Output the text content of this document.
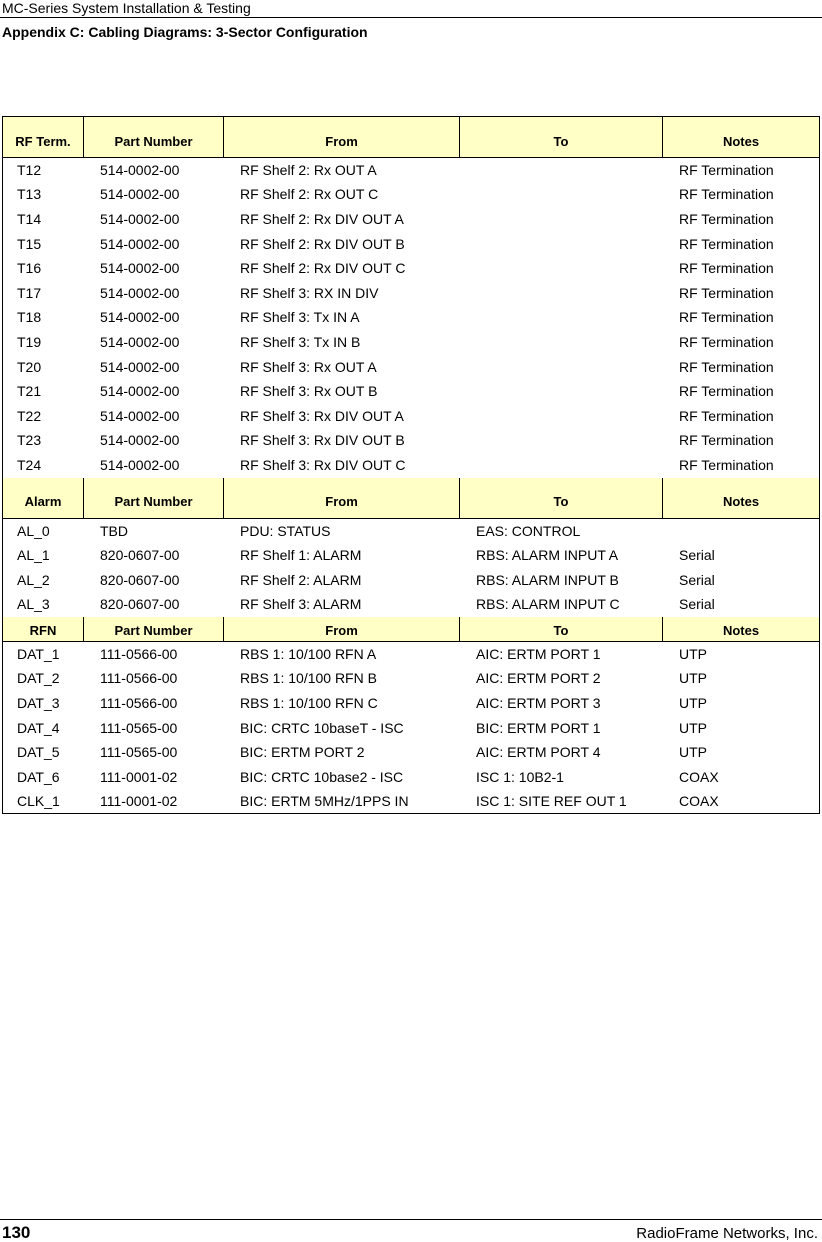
MC-Series System Installation & Testing
Appendix C: Cabling Diagrams: 3-Sector Configuration
RF Term.	Part Number	From	To	Notes
T12	514-0002-00	RF Shelf 2: Rx OUT A		RF Termination
T13	514-0002-00	RF Shelf 2: Rx OUT C		RF Termination
T14	514-0002-00	RF Shelf 2: Rx DIV OUT A		RF Termination
T15	514-0002-00	RF Shelf 2: Rx DIV OUT B		RF Termination
T16	514-0002-00	RF Shelf 2: Rx DIV OUT C		RF Termination
T17	514-0002-00	RF Shelf 3: RX IN DIV		RF Termination
T18	514-0002-00	RF Shelf 3: Tx IN A		RF Termination
T19	514-0002-00	RF Shelf 3: Tx IN B		RF Termination
T20	514-0002-00	RF Shelf 3: Rx OUT A		RF Termination
T21	514-0002-00	RF Shelf 3: Rx OUT B		RF Termination
T22	514-0002-00	RF Shelf 3: Rx DIV OUT A		RF Termination
T23	514-0002-00	RF Shelf 3: Rx DIV OUT B		RF Termination
T24	514-0002-00	RF Shelf 3: Rx DIV OUT C		RF Termination
Alarm	Part Number	From	To	Notes
AL_0	TBD	PDU: STATUS	EAS: CONTROL	
AL_1	820-0607-00	RF Shelf 1: ALARM	RBS: ALARM INPUT A	Serial
AL_2	820-0607-00	RF Shelf 2: ALARM	RBS: ALARM INPUT B	Serial
AL_3	820-0607-00	RF Shelf 3: ALARM	RBS: ALARM INPUT C	Serial
RFN	Part Number	From	To	Notes
DAT_1	111-0566-00	RBS 1: 10/100 RFN A	AIC: ERTM PORT 1	UTP
DAT_2	111-0566-00	RBS 1: 10/100 RFN B	AIC: ERTM PORT 2	UTP
DAT_3	111-0566-00	RBS 1: 10/100 RFN C	AIC: ERTM PORT 3	UTP
DAT_4	111-0565-00	BIC: CRTC 10baseT - ISC	BIC: ERTM PORT 1	UTP
DAT_5	111-0565-00	BIC: ERTM PORT 2	AIC: ERTM PORT 4	UTP
DAT_6	111-0001-02	BIC: CRTC 10base2 - ISC	ISC 1: 10B2-1	COAX
CLK_1	111-0001-02	BIC: ERTM 5MHz/1PPS IN	ISC 1: SITE REF OUT 1	COAX
130	RadioFrame Networks, Inc.
